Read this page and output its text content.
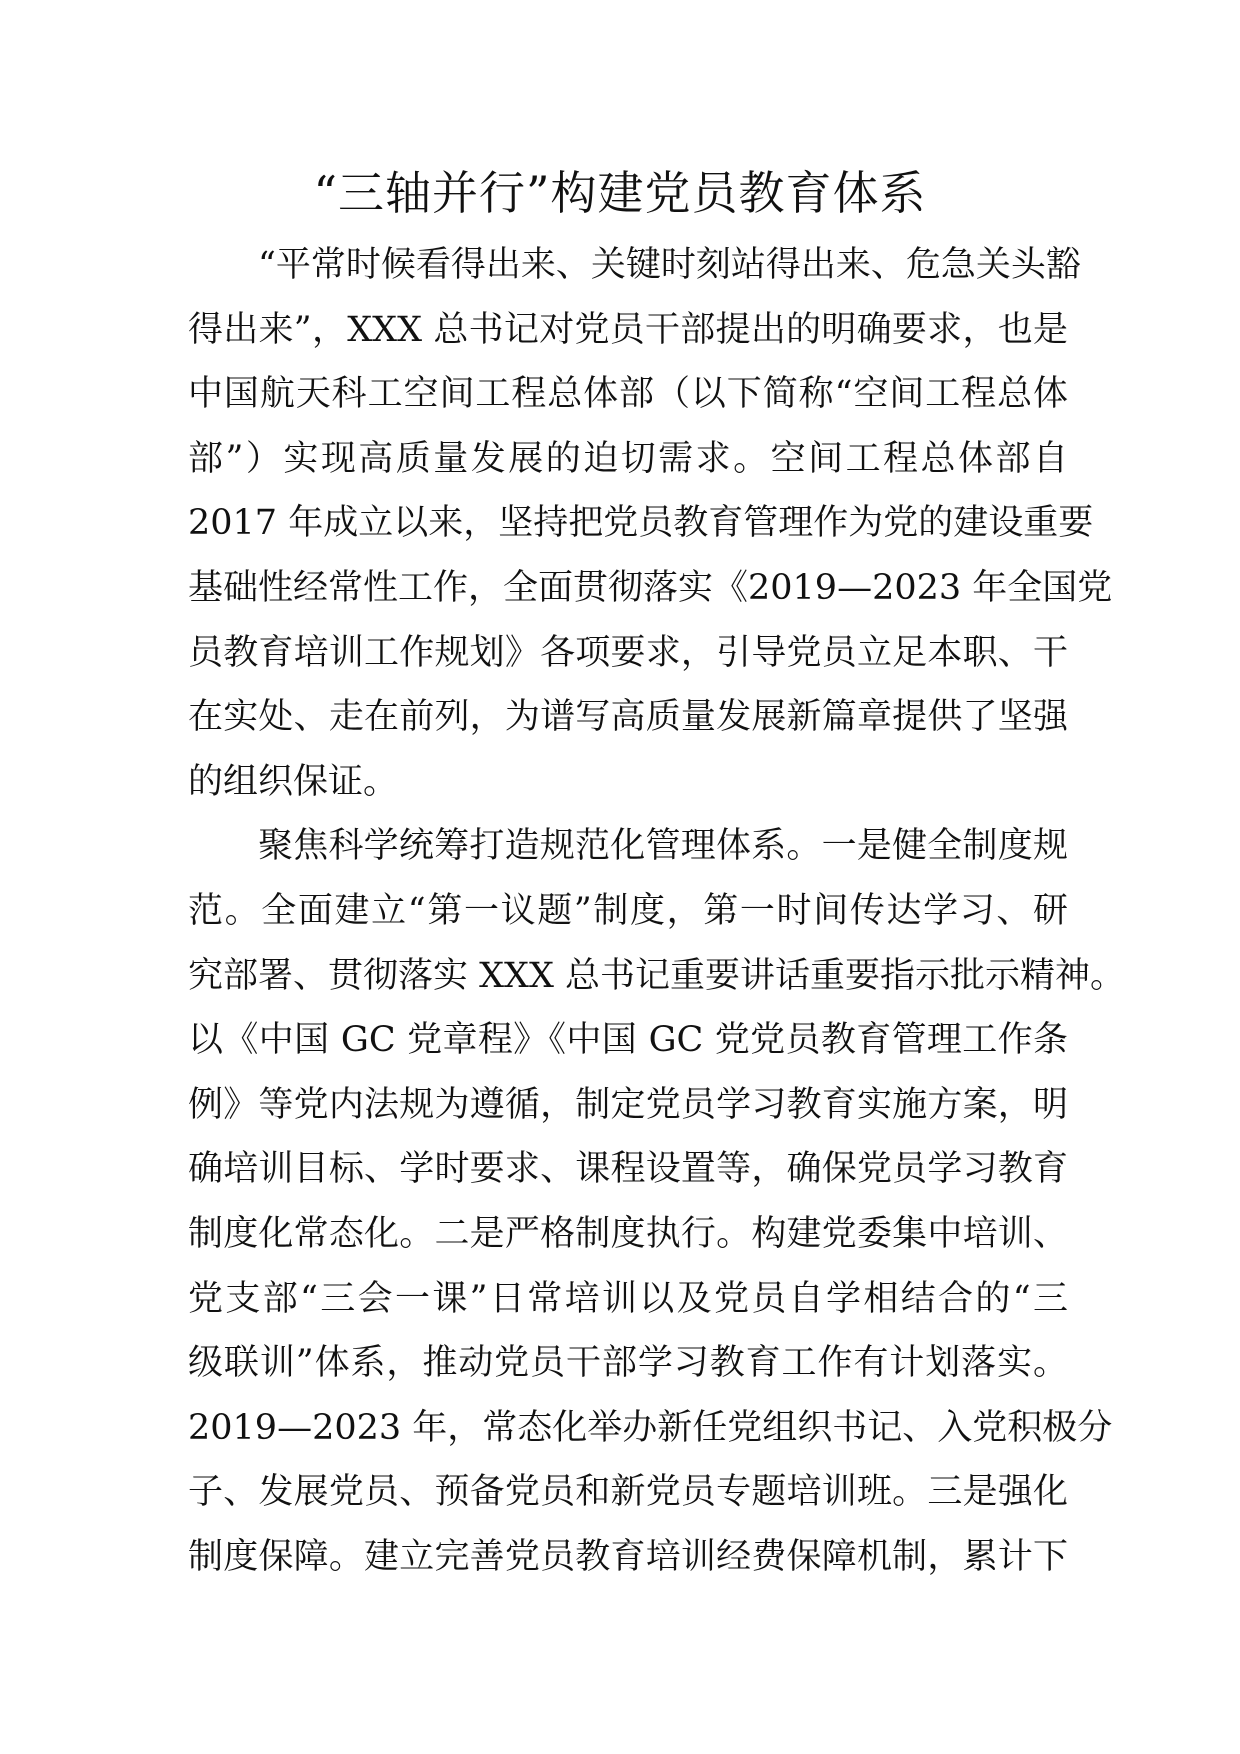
“三轴并行”构建党员教育体系
“平常时候看得出来、关键时刻站得出来、危急关头豁
得出来”，XXX 总书记对党员干部提出的明确要求，也是
中国航天科工空间工程总体部（以下简称“空间工程总体
部”）实现高质量发展的迫切需求。空间工程总体部自
2017 年成立以来，坚持把党员教育管理作为党的建设重要
基础性经常性工作，全面贯彻落实《2019—2023 年全国党
员教育培训工作规划》各项要求，引导党员立足本职、干
在实处、走在前列，为谱写高质量发展新篇章提供了坚强
的组织保证。
聚焦科学统筹打造规范化管理体系。一是健全制度规
范。全面建立“第一议题”制度，第一时间传达学习、研
究部署、贯彻落实 XXX 总书记重要讲话重要指示批示精神。
以《中国 GC 党章程》《中国 GC 党党员教育管理工作条
例》等党内法规为遵循，制定党员学习教育实施方案，明
确培训目标、学时要求、课程设置等，确保党员学习教育
制度化常态化。二是严格制度执行。构建党委集中培训、
党支部“三会一课”日常培训以及党员自学相结合的“三
级联训”体系，推动党员干部学习教育工作有计划落实。
2019—2023 年，常态化举办新任党组织书记、入党积极分
子、发展党员、预备党员和新党员专题培训班。三是强化
制度保障。建立完善党员教育培训经费保障机制，累计下
